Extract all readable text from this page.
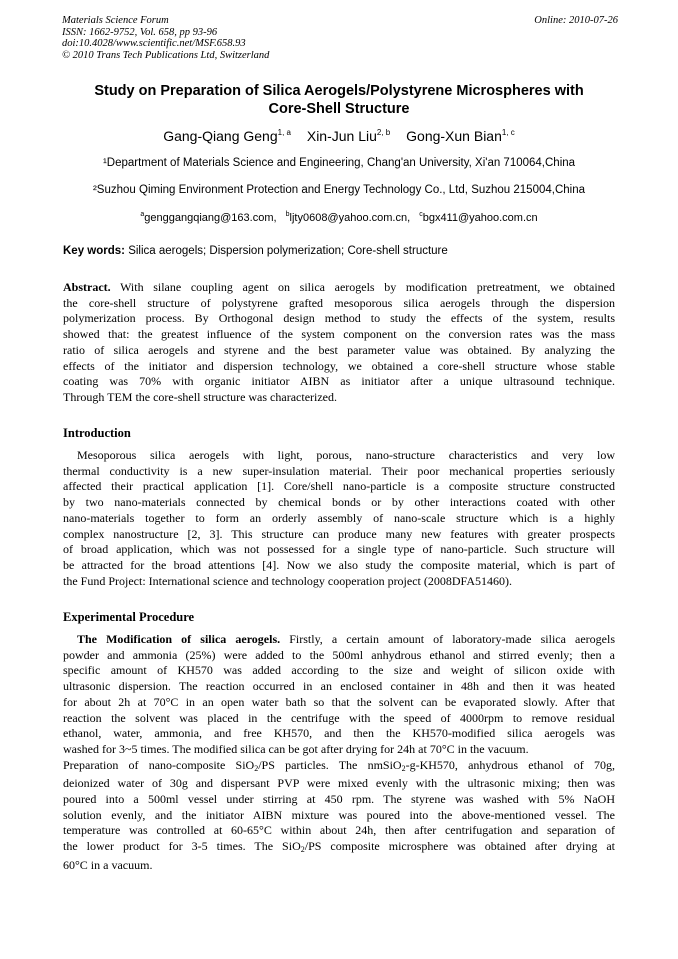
Materials Science Forum
ISSN: 1662-9752, Vol. 658, pp 93-96
doi:10.4028/www.scientific.net/MSF.658.93
© 2010 Trans Tech Publications Ltd, Switzerland
Online: 2010-07-26
Study on Preparation of Silica Aerogels/Polystyrene Microspheres with
Core-Shell Structure
Gang-Qiang Geng$^{1, a}$ Xin-Jun Liu$^{2, b}$ Gong-Xun Bian$^{1, c}$
¹Department of Materials Science and Engineering, Chang'an University, Xi'an 710064,China
²Suzhou Qiming Environment Protection and Energy Technology Co., Ltd, Suzhou 215004,China
$^a$genggangqiang@163.com, $^b$ljty0608@yahoo.com.cn, $^c$bgx411@yahoo.com.cn
Key words: Silica aerogels; Dispersion polymerization; Core-shell structure
Abstract. With silane coupling agent on silica aerogels by modification pretreatment, we obtained
the core-shell structure of polystyrene grafted mesoporous silica aerogels through the dispersion
polymerization process. By Orthogonal design method to study the effects of the system, results
showed that: the greatest influence of the system component on the conversion rates was the mass
ratio of silica aerogels and styrene and the best parameter value was obtained. By analyzing the
effects of the initiator and dispersion technology, we obtained a core-shell structure whose stable
coating was 70% with organic initiator AIBN as initiator after a unique ultrasound technique.
Through TEM the core-shell structure was characterized.
Introduction
Mesoporous silica aerogels with light, porous, nano-structure characteristics and very low
thermal conductivity is a new super-insulation material. Their poor mechanical properties seriously
affected their practical application [1]. Core/shell nano-particle is a composite structure constructed
by two nano-materials connected by chemical bonds or by other interactions coated with other
nano-materials together to form an orderly assembly of nano-scale structure which is a highly
complex nanostructure [2, 3]. This structure can produce many new features with greater prospects
of broad application, which was not possessed for a single type of nano-particle. Such structure will
be attracted for the broad attentions [4]. Now we also study the composite material, which is part of
the Fund Project: International science and technology cooperation project (2008DFA51460).
Experimental Procedure
The Modification of silica aerogels. Firstly, a certain amount of laboratory-made silica aerogels
powder and ammonia (25%) were added to the 500ml anhydrous ethanol and stirred evenly; then a
specific amount of KH570 was added according to the size and weight of silicon oxide with
ultrasonic dispersion. The reaction occurred in an enclosed container in 48h and then it was heated
for about 2h at 70°C in an open water bath so that the solvent can be evaporated slowly. After that
reaction the solvent was placed in the centrifuge with the speed of 4000rpm to remove residual
ethanol, water, ammonia, and free KH570, and then the KH570-modified silica aerogels was
washed for 3~5 times. The modified silica can be got after drying for 24h at 70°C in the vacuum.
Preparation of nano-composite SiO$_2$/PS particles. The nmSiO$_2$-g-KH570, anhydrous ethanol of 70g,
deionized water of 30g and dispersant PVP were mixed evenly with the ultrasonic mixing; then was
poured into a 500ml vessel under stirring at 450 rpm. The styrene was washed with 5% NaOH
solution evenly, and the initiator AIBN mixture was poured into the above-mentioned vessel. The
temperature was controlled at 60-65°C within about 24h, then after centrifugation and separation of
the lower product for 3-5 times. The SiO$_2$/PS composite microsphere was obtained after drying at
60°C in a vacuum.
